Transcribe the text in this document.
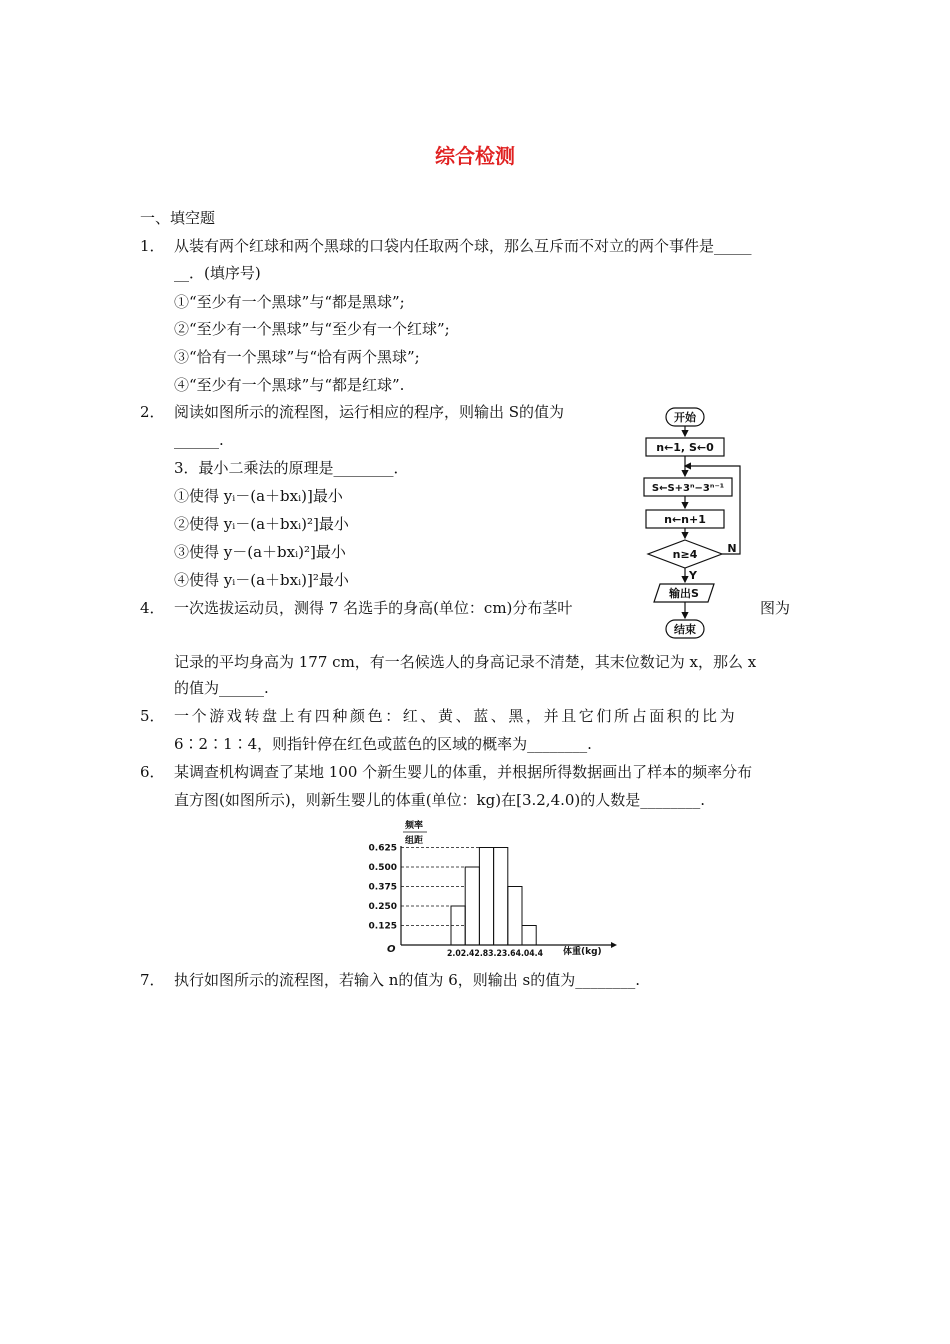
综合检测
一、填空题
1． 从装有两个红球和两个黑球的口袋内任取两个球，那么互斥而不对立的两个事件是_____
__．(填序号)
①“至少有一个黑球”与“都是黑球”;
②“至少有一个黑球”与“至少有一个红球”;
③“恰有一个黑球”与“恰有两个黑球”;
④“至少有一个黑球”与“都是红球”.
2． 阅读如图所示的流程图，运行相应的程序，则输出 S的值为
______.
3．最小二乘法的原理是________．
①使得 yᵢ－(a＋bxᵢ)]最小
②使得 yᵢ－(a＋bxᵢ)²]最小
③使得 y－(a＋bxᵢ)²]最小
④使得 yᵢ－(a＋bxᵢ)]²最小
4． 一次选拔运动员，测得 7 名选手的身高(单位：cm)分布茎叶	图为
记录的平均身高为 177 cm，有一名候选人的身高记录不清楚，其末位数记为 x，那么 x
的值为______.
5． 一个游戏转盘上有四种颜色：红、黄、蓝、黑，并且它们所占面积的比为
6∶2∶1∶4，则指针停在红色或蓝色的区域的概率为________.
6． 某调查机构调查了某地 100 个新生婴儿的体重，并根据所得数据画出了样本的频率分布
直方图(如图所示)，则新生婴儿的体重(单位：kg)在[3.2,4.0)的人数是________.
7． 执行如图所示的流程图，若输入 n的值为 6，则输出 s的值为________.
开始
n←1, S←0
S←S+3ⁿ−3ⁿ⁻¹
n←n+1
n≥4	N
Y
输出S
结束
频率
组距
O	体重(kg)
0.625
0.500
0.375
0.250
0.125
2.02.42.83.23.64.04.4
